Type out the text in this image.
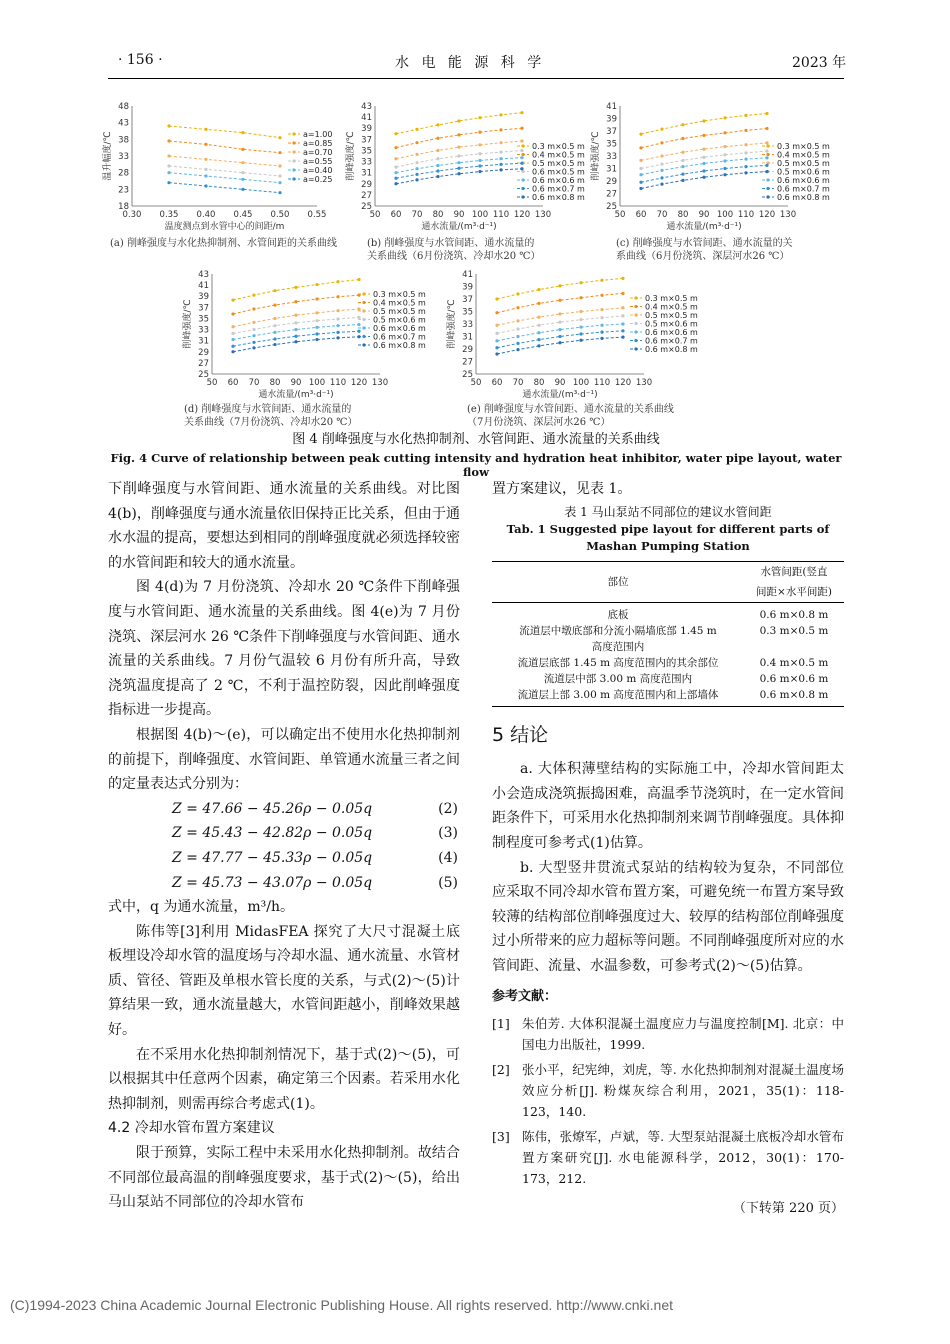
· 156 ·	水 电 能 源 科 学	2023 年
0.30 0.35 0.40 0.45 0.50 0.55
18
23
28
33
38
43
48
温度测点到水管中心的间距/m
温升幅度/℃	a=1.00
a=0.85
a=0.70
a=0.55
a=0.40
a=0.25
50 60 70 80 90 100 110 120 130
25
27
29
31
33
35
37
39
41
43
通水流量/(m³·d⁻¹)
削峰强度/℃	0.3 m×0.5 m
0.4 m×0.5 m
0.5 m×0.5 m
0.6 m×0.5 m
0.6 m×0.6 m
0.6 m×0.7 m
0.6 m×0.8 m
50 60 70 80 90 100 110 120 130
25
27
29
31
33
35
37
39
41
通水流量/(m³·d⁻¹)
削峰强度/℃	0.3 m×0.5 m
0.4 m×0.5 m
0.5 m×0.5 m
0.5 m×0.6 m
0.6 m×0.6 m
0.6 m×0.7 m
0.6 m×0.8 m
50 60 70 80 90 100 110 120 130
25
27
29
31
33
35
37
39
41
43
通水流量/(m³·d⁻¹)
削峰强度/℃
0.3 m×0.5 m
0.4 m×0.5 m
0.5 m×0.5 m
0.5 m×0.6 m
0.6 m×0.6 m
0.6 m×0.7 m
0.6 m×0.8 m
50 60 70 80 90 100 110 120 130
25
27
29
31
33
35
37
39
41
通水流量/(m³·d⁻¹)
削峰强度/℃
0.3 m×0.5 m
0.4 m×0.5 m
0.5 m×0.5 m
0.5 m×0.6 m
0.6 m×0.6 m
0.6 m×0.7 m
0.6 m×0.8 m
(a) 削峰强度与水化热抑制剂、水管间距的关系曲线	(b) 削峰强度与水管间距、通水流量的
关系曲线（6月份浇筑、冷却水20 ℃）
(c) 削峰强度与水管间距、通水流量的关
系曲线（6月份浇筑、深层河水26 ℃）
(d) 削峰强度与水管间距、通水流量的
关系曲线（7月份浇筑、冷却水20 ℃）
(e) 削峰强度与水管间距、通水流量的关系曲线
（7月份浇筑、深层河水26 ℃）
图 4 削峰强度与水化热抑制剂、水管间距、通水流量的关系曲线
Fig. 4 Curve of relationship between peak cutting intensity and hydration heat inhibitor, water pipe layout, water flow

下削峰强度与水管间距、通水流量的关系曲线。对比图 4(b)，削峰强度与通水流量依旧保持正比关系，但由于通水水温的提高，要想达到相同的削峰强度就必须选择较密的水管间距和较大的通水流量。

图 4(d)为 7 月份浇筑、冷却水 20 ℃条件下削峰强度与水管间距、通水流量的关系曲线。图 4(e)为 7 月份浇筑、深层河水 26 ℃条件下削峰强度与水管间距、通水流量的关系曲线。7 月份气温较 6 月份有所升高，导致浇筑温度提高了 2 ℃，不利于温控防裂，因此削峰强度指标进一步提高。

根据图 4(b)～(e)，可以确定出不使用水化热抑制剂的前提下，削峰强度、水管间距、单管通水流量三者之间的定量表达式分别为：

Z = 47.66 − 45.26ρ − 0.05q	(2)
Z = 45.43 − 42.82ρ − 0.05q	(3)
Z = 47.77 − 45.33ρ − 0.05q	(4)
Z = 45.73 − 43.07ρ − 0.05q	(5)

式中，q 为通水流量，m³/h。

陈伟等[3]利用 MidasFEA 探究了大尺寸混凝土底板埋设冷却水管的温度场与冷却水温、通水流量、水管材质、管径、管距及单根水管长度的关系，与式(2)～(5)计算结果一致，通水流量越大，水管间距越小，削峰效果越好。

在不采用水化热抑制剂情况下，基于式(2)～(5)，可以根据其中任意两个因素，确定第三个因素。若采用水化热抑制剂，则需再综合考虑式(1)。

4.2 冷却水管布置方案建议

限于预算，实际工程中未采用水化热抑制剂。故结合不同部位最高温的削峰强度要求，基于式(2)～(5)，给出马山泵站不同部位的冷却水管布

置方案建议，见表 1。

表 1 马山泵站不同部位的建议水管间距
Tab. 1 Suggested pipe layout for different parts of
Mashan Pumping Station
部位	水管间距(竖直
间距×水平间距)

底板	0.6 m×0.8 m
流道层中墩底部和分流小隔墙底部 1.45 m	0.3 m×0.5 m
高度范围内	
流道层底部 1.45 m 高度范围内的其余部位	0.4 m×0.5 m
流道层中部 3.00 m 高度范围内	0.6 m×0.6 m
流道层上部 3.00 m 高度范围内和上部墙体	0.6 m×0.8 m
5 结论

a. 大体积薄壁结构的实际施工中，冷却水管间距太小会造成浇筑振捣困难，高温季节浇筑时，在一定水管间距条件下，可采用水化热抑制剂来调节削峰强度。具体抑制程度可参考式(1)估算。

b. 大型竖井贯流式泵站的结构较为复杂，不同部位应采取不同冷却水管布置方案，可避免统一布置方案导致较薄的结构部位削峰强度过大、较厚的结构部位削峰强度过小所带来的应力超标等问题。不同削峰强度所对应的水管间距、流量、水温参数，可参考式(2)～(5)估算。

参考文献：
[1] 朱伯芳. 大体积混凝土温度应力与温度控制[M]. 北京：中国电力出版社，1999.
[2] 张小平，纪宪绅，刘虎，等. 水化热抑制剂对混凝土温度场效应分析[J]. 粉煤灰综合利用，2021，35(1)：118-123，140.
[3] 陈伟，张燎军，卢斌，等. 大型泵站混凝土底板冷却水管布置方案研究[J]. 水电能源科学，2012，30(1)：170-173，212.
（下转第 220 页）
(C)1994-2023 China Academic Journal Electronic Publishing House. All rights reserved. http://www.cnki.net
